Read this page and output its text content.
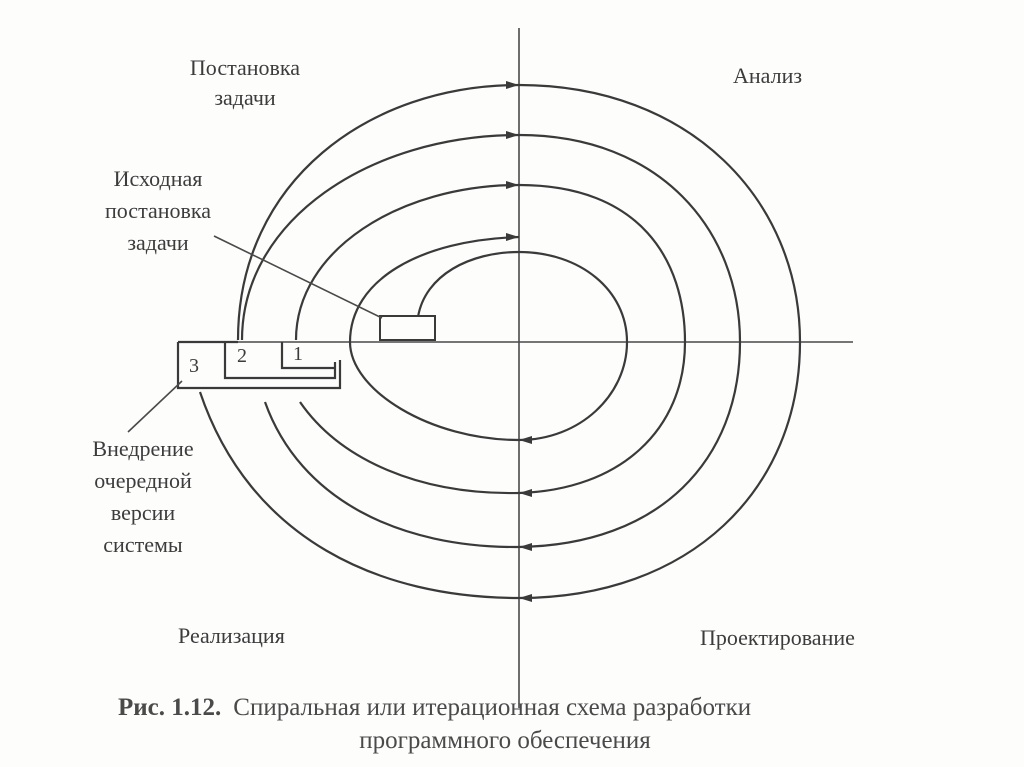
3 2 1
Постановка
задачи
Анализ
Реализация	Проектирование
Исходная
постановка
задачи
Внедрение
очередной
версии
системы
Рис. 1.12. Спиральная или итерационная схема разработки
программного обеспечения
